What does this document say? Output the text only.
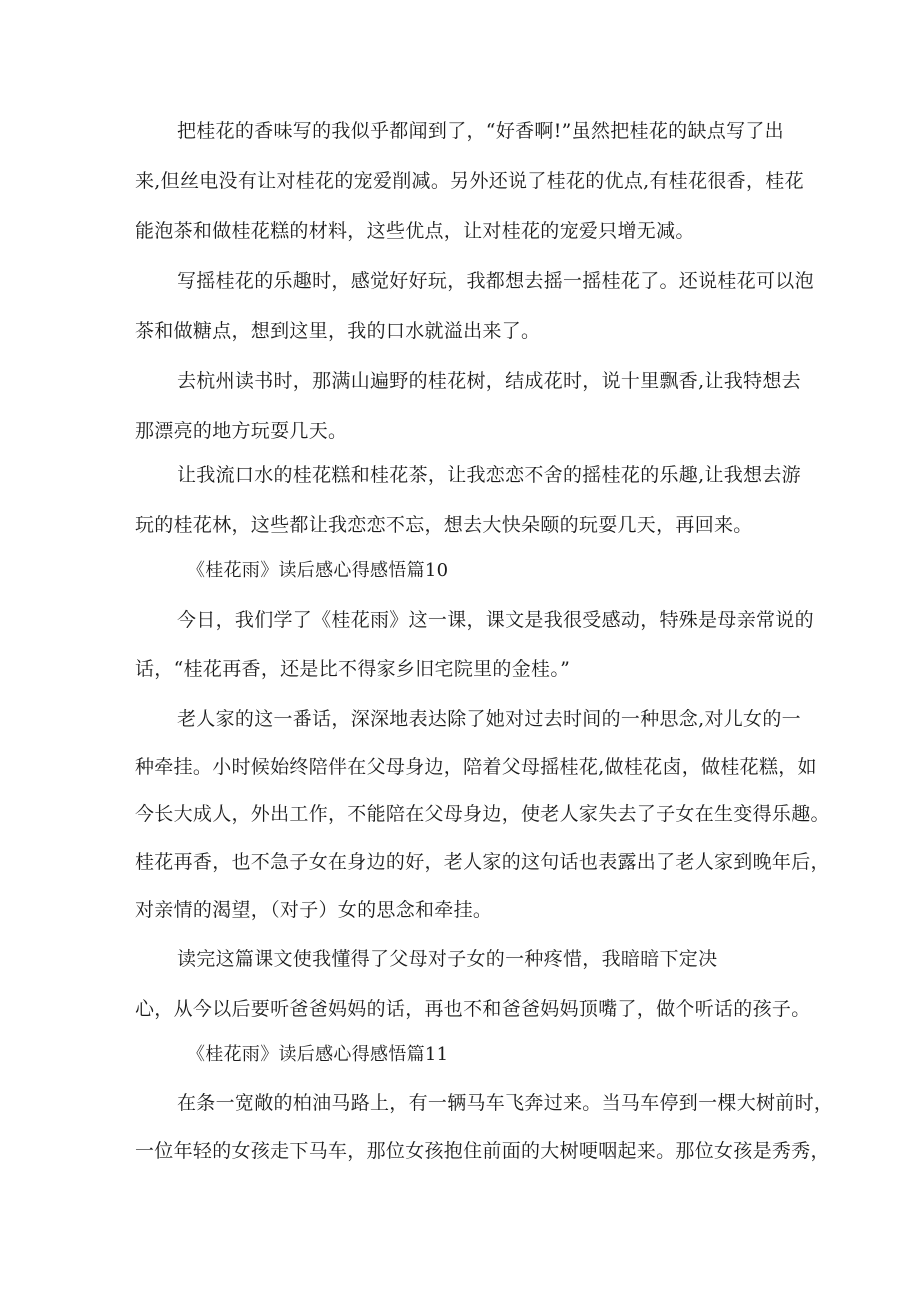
把桂花的香味写的我似乎都闻到了，“好香啊!”虽然把桂花的缺点写了出
来,但丝电没有让对桂花的宠爱削减。另外还说了桂花的优点,有桂花很香，桂花
能泡茶和做桂花糕的材料，这些优点，让对桂花的宠爱只增无减。
写摇桂花的乐趣时，感觉好好玩，我都想去摇一摇桂花了。还说桂花可以泡
茶和做糖点，想到这里，我的口水就溢出来了。
去杭州读书时，那满山遍野的桂花树，结成花时，说十里飘香,让我特想去
那漂亮的地方玩耍几天。
让我流口水的桂花糕和桂花茶，让我恋恋不舍的摇桂花的乐趣,让我想去游
玩的桂花林，这些都让我恋恋不忘，想去大快朵颐的玩耍几天，再回来。
《桂花雨》读后感心得感悟篇10
今日，我们学了《桂花雨》这一课，课文是我很受感动，特殊是母亲常说的
话，“桂花再香，还是比不得家乡旧宅院里的金桂。”
老人家的这一番话，深深地表达除了她对过去时间的一种思念,对儿女的一
种牵挂。小时候始终陪伴在父母身边，陪着父母摇桂花,做桂花卤，做桂花糕，如
今长大成人，外出工作，不能陪在父母身边，使老人家失去了子女在生变得乐趣。
桂花再香，也不急子女在身边的好，老人家的这句话也表露出了老人家到晚年后，
对亲情的渴望，（对子）女的思念和牵挂。
读完这篇课文使我懂得了父母对子女的一种疼惜，我暗暗下定决
心，从今以后要听爸爸妈妈的话，再也不和爸爸妈妈顶嘴了，做个听话的孩子。
《桂花雨》读后感心得感悟篇11
在条一宽敞的柏油马路上，有一辆马车飞奔过来。当马车停到一棵大树前时，
一位年轻的女孩走下马车，那位女孩抱住前面的大树哽咽起来。那位女孩是秀秀，
